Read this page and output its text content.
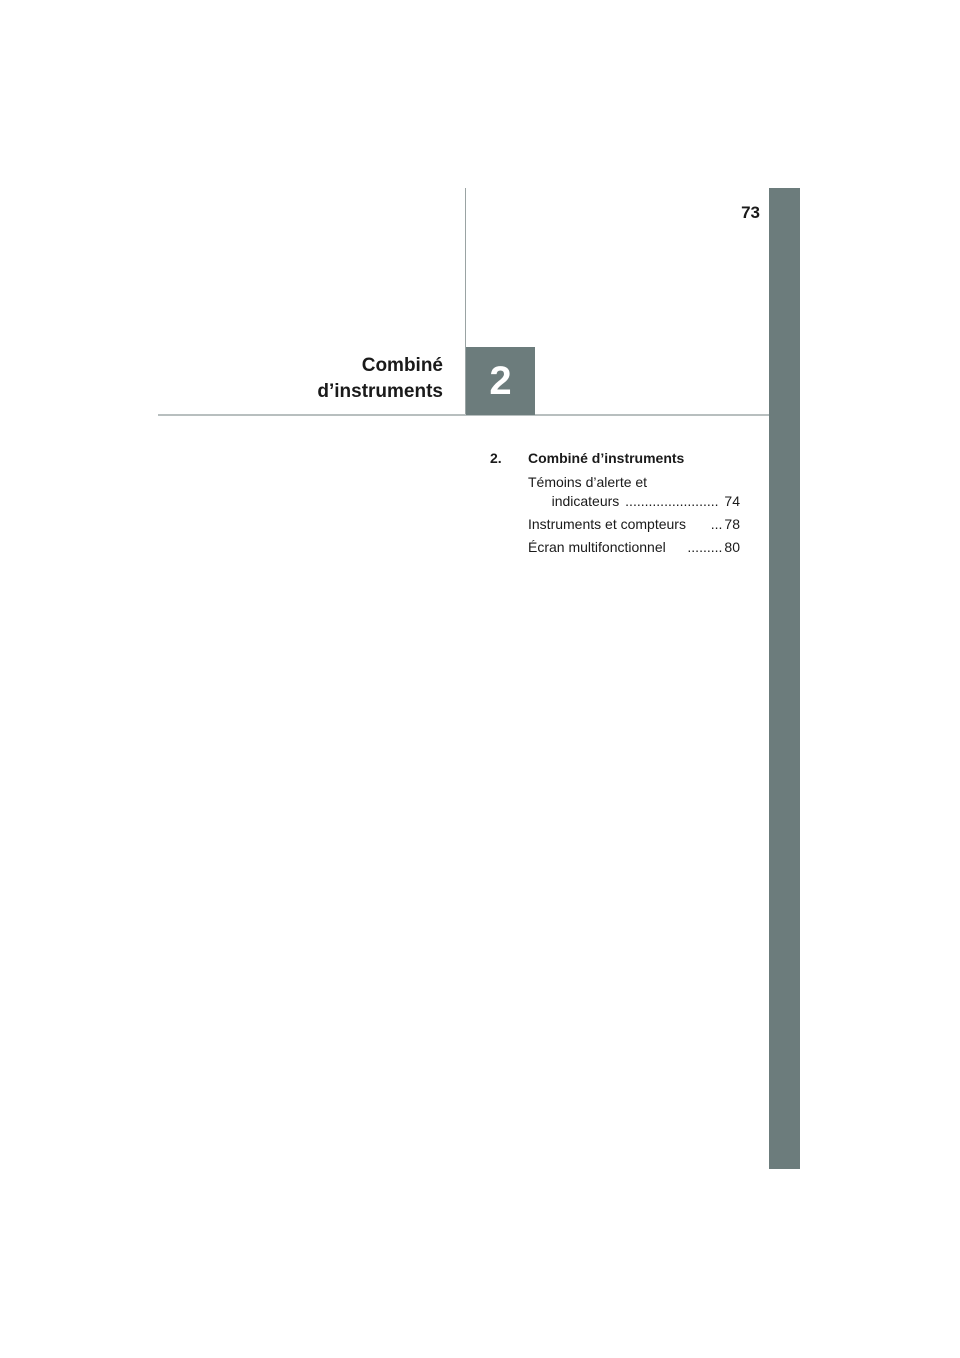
73
2
Combiné
d’instruments
2.	Combiné d’instruments
Témoins d’alerte et
indicateurs ........................ 74
Instruments et compteurs	... 78
Écran multifonctionnel	......... 80
